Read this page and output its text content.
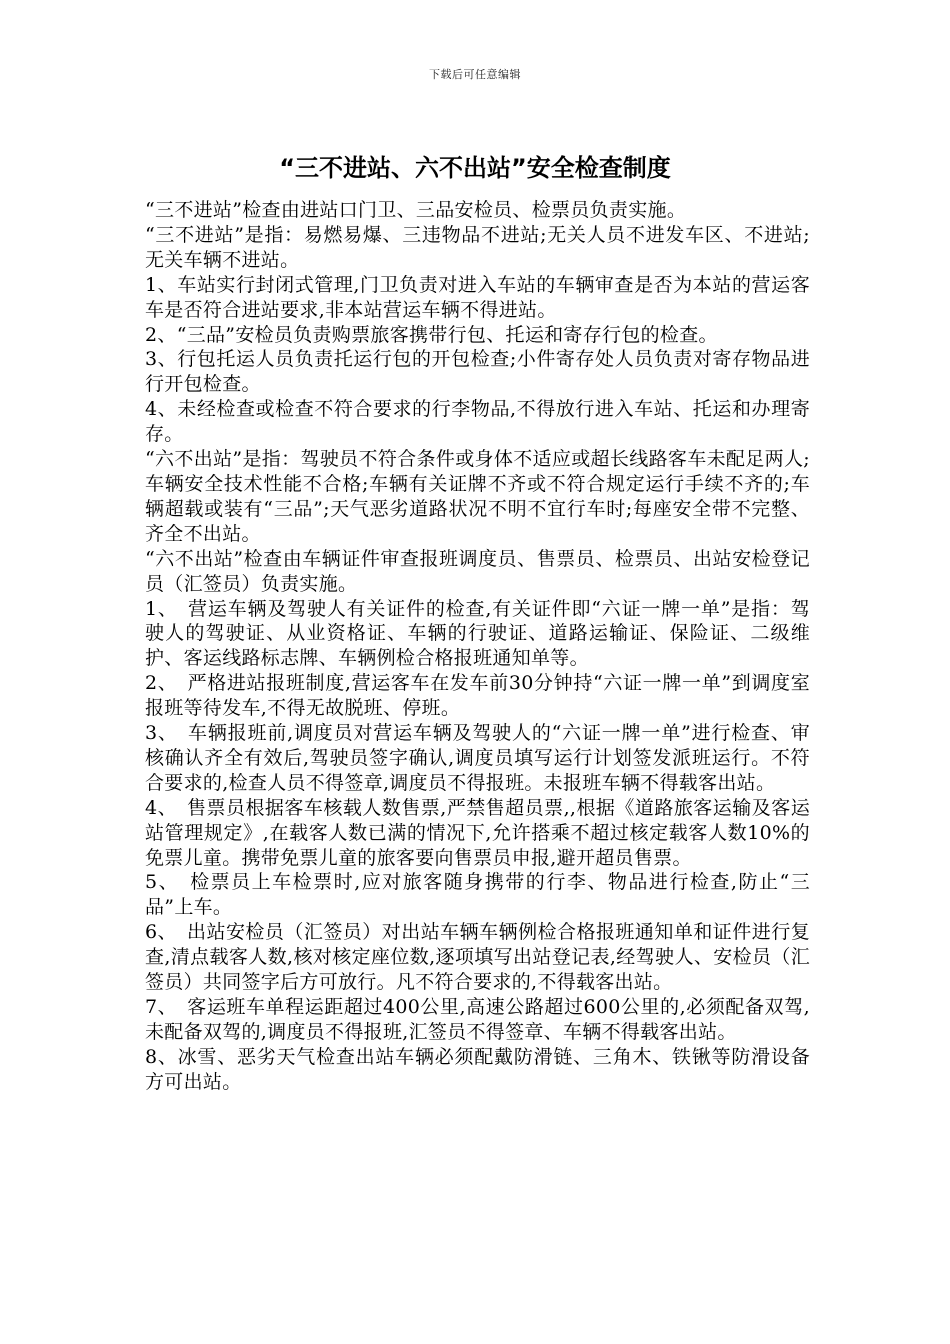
下载后可任意编辑
“三不进站、六不出站”安全检查制度

“三不进站”检查由进站口门卫、三品安检员、检票员负责实施。

“三不进站”是指：易燃易爆、三违物品不进站;无关人员不进发车区、不进站;无关车辆不进站。

1、车站实行封闭式管理,门卫负责对进入车站的车辆审查是否为本站的营运客车是否符合进站要求,非本站营运车辆不得进站。

2、“三品”安检员负责购票旅客携带行包、托运和寄存行包的检查。

3、行包托运人员负责托运行包的开包检查;小件寄存处人员负责对寄存物品进行开包检查。

4、未经检查或检查不符合要求的行李物品,不得放行进入车站、托运和办理寄存。

“六不出站”是指：驾驶员不符合条件或身体不适应或超长线路客车未配足两人;车辆安全技术性能不合格;车辆有关证牌不齐或不符合规定运行手续不齐的;车辆超载或装有“三品”;天气恶劣道路状况不明不宜行车时;每座安全带不完整、齐全不出站。

“六不出站”检查由车辆证件审查报班调度员、售票员、检票员、出站安检登记员（汇签员）负责实施。

1、　营运车辆及驾驶人有关证件的检查,有关证件即“六证一牌一单”是指：驾驶人的驾驶证、从业资格证、车辆的行驶证、道路运输证、保险证、二级维护、客运线路标志牌、车辆例检合格报班通知单等。

2、　严格进站报班制度,营运客车在发车前30分钟持“六证一牌一单”到调度室报班等待发车,不得无故脱班、停班。

3、　车辆报班前,调度员对营运车辆及驾驶人的“六证一牌一单”进行检查、审核确认齐全有效后,驾驶员签字确认,调度员填写运行计划签发派班运行。不符合要求的,检查人员不得签章,调度员不得报班。未报班车辆不得载客出站。

4、　售票员根据客车核载人数售票,严禁售超员票,,根据《道路旅客运输及客运站管理规定》,在载客人数已满的情况下,允许搭乘不超过核定载客人数10%的免票儿童。携带免票儿童的旅客要向售票员申报,避开超员售票。

5、　检票员上车检票时,应对旅客随身携带的行李、物品进行检查,防止“三品”上车。

6、　出站安检员（汇签员）对出站车辆车辆例检合格报班通知单和证件进行复查,清点载客人数,核对核定座位数,逐项填写出站登记表,经驾驶人、安检员（汇签员）共同签字后方可放行。凡不符合要求的,不得载客出站。

7、　客运班车单程运距超过400公里,高速公路超过600公里的,必须配备双驾,未配备双驾的,调度员不得报班,汇签员不得签章、车辆不得载客出站。

8、冰雪、恶劣天气检查出站车辆必须配戴防滑链、三角木、铁锹等防滑设备方可出站。
